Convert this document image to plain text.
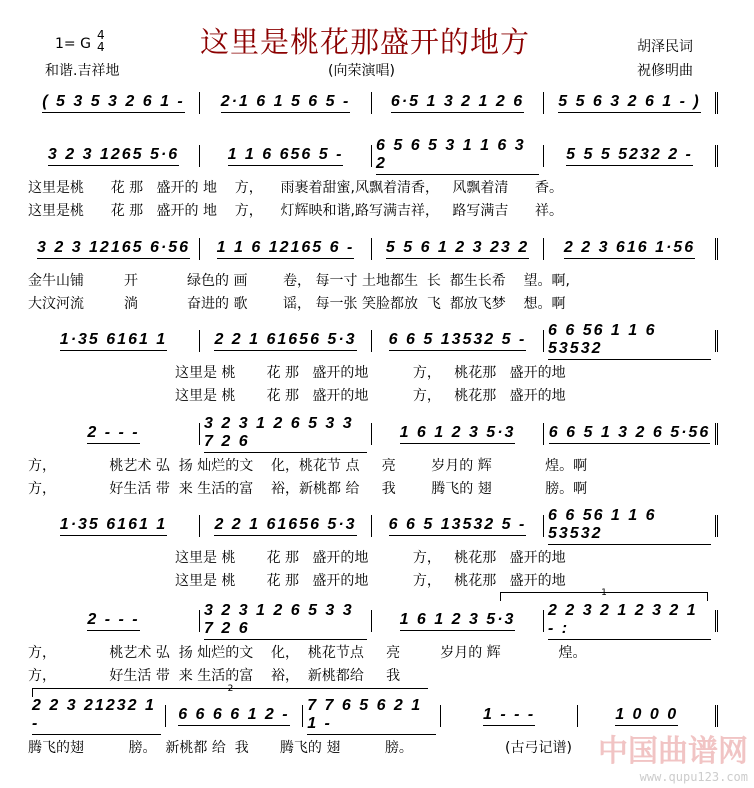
1= G
4
4	这里是桃花那盛开的地方
(向荣演唱)
和谐.吉祥地
胡泽民词
祝修明曲
( 5 3 5 3 2 6 1 - 2·1 6 1 5 6 5 -	6·5 1 3 2 1 2 6 5 5 6 3 2 6 1 - )
3 2 3 1265 5·6	1 1 6 656 5 -
6 5 6 5 3 1 1 6 3 2
5 5 5 5232 2 -
这里是桃      花 那   盛开的 地    方，    雨裹着甜蜜,风飘着清香，   风飘着清      香。
这里是桃      花 那   盛开的 地    方，    灯辉映和谐,路写满吉祥，   路写满吉      祥。
3 2 3 12165 6·56 1 1 6 12165 6 - 5 5 6 1 2 3 23 2 2 2 3 616 1·56
金牛山铺         开           绿色的 画        卷， 每一寸 土地都生  长  都生长希    望。啊,
大汶河流         淌           奋进的 歌        谣， 每一张 笑脸都放  飞  都放飞梦    想。啊
1·35 6161 1	2 2 1 61656 5·3 6 6 5 13532 5 -
6 6 56 1 1 6 53532
这里是 桃       花 那   盛开的地          方，   桃花那   盛开的地
这里是 桃       花 那   盛开的地          方，   桃花那   盛开的地
2 - - -
3 2 3 1 2 6 5 3 3 7 2 6
1 6 1 2 3 5·3 6 6 5 1 3 2 6 5·56
方，            桃艺术 弘  扬 灿烂的文    化，桃花节 点     亮        岁月的 辉            煌。啊
方，            好生活 带  来 生活的富    裕，新桃都 给     我        腾飞的 翅            膀。啊
1·35 6161 1	2 2 1 61656 5·3 6 6 5 13532 5 -
6 6 56 1 1 6 53532
这里是 桃       花 那   盛开的地          方，   桃花那   盛开的地
这里是 桃       花 那   盛开的地          方，   桃花那   盛开的地
2 - - -
3 2 3 1 2 6 5 3 3 7 2 6
1 6 1 2 3 5·3
2 2 3 2 1 2 3 2 1 - :
方，            桃艺术 弘  扬 灿烂的文    化，  桃花节点     亮         岁月的 辉             煌。
方，            好生活 带  来 生活的富    裕，  新桃都给     我
2 2 3 21232 1 -
6 6 6 6 1 2 -
7 7 6 5 6 2 1 1 -
1 - - -	1 0 0 0
腾飞的翅          膀。  新桃都 给  我       腾飞的 翅          膀。
1
2
(古弓记谱) 中国曲谱网
www.qupu123.com
